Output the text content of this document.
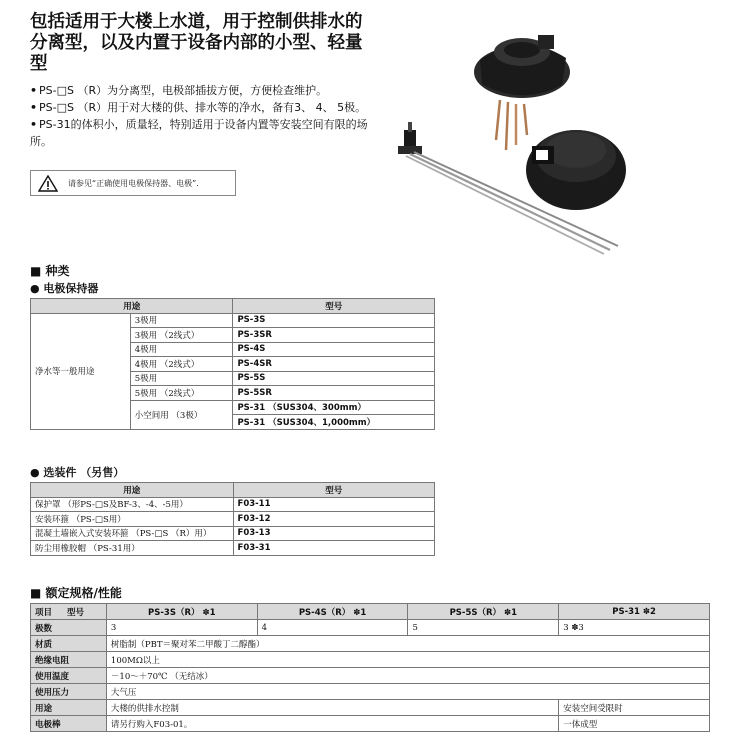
包括适用于大楼上水道，用于控制供排水的分离型，以及内置于设备内部的小型、轻量型
• PS-□S （R）为分离型，电极部插拔方便，方便检查维护。
• PS-□S （R）用于对大楼的供、排水等的净水，备有3、 4、 5极。
• PS-31的体积小，质量轻，特别适用于设备内置等安装空间有限的场所。
请参见“正确使用电极保持器、电极”.
■ 种类
● 电极保持器
用途		型号
净水等一般用途	3极用	PS-3S
	3极用 （2线式）	PS-3SR
	4极用	PS-4S
	4极用 （2线式）	PS-4SR
	5极用	PS-5S
	5极用 （2线式）	PS-5SR
	小空间用 （3极）	PS-31 （SUS304、300mm）
		PS-31 （SUS304、1,000mm）
● 选装件 （另售）
用途	型号
保护罩 （形PS-□S及BF-3、-4、-5用）	F03-11
安装环箍 （PS-□S用）	F03-12
混凝土墙嵌入式安装环箍 （PS-□S （R）用）	F03-13
防尘用橡胶帽 （PS-31用）	F03-31
■ 额定规格/性能
项目 型号	PS-3S（R） ✽1	PS-4S（R） ✽1	PS-5S（R） ✽1	PS-31 ✽2
极数	3	4	5	3 ✽3
材质	树脂制（PBT＝聚对苯二甲酸丁二醇酯）			
绝缘电阻	100MΩ以上			
使用温度	－10～＋70℃ （无结冰）			
使用压力	大气压			
用途	大楼的供排水控制			安装空间受限时
电极棒	请另行购入F03-01。			一体成型
